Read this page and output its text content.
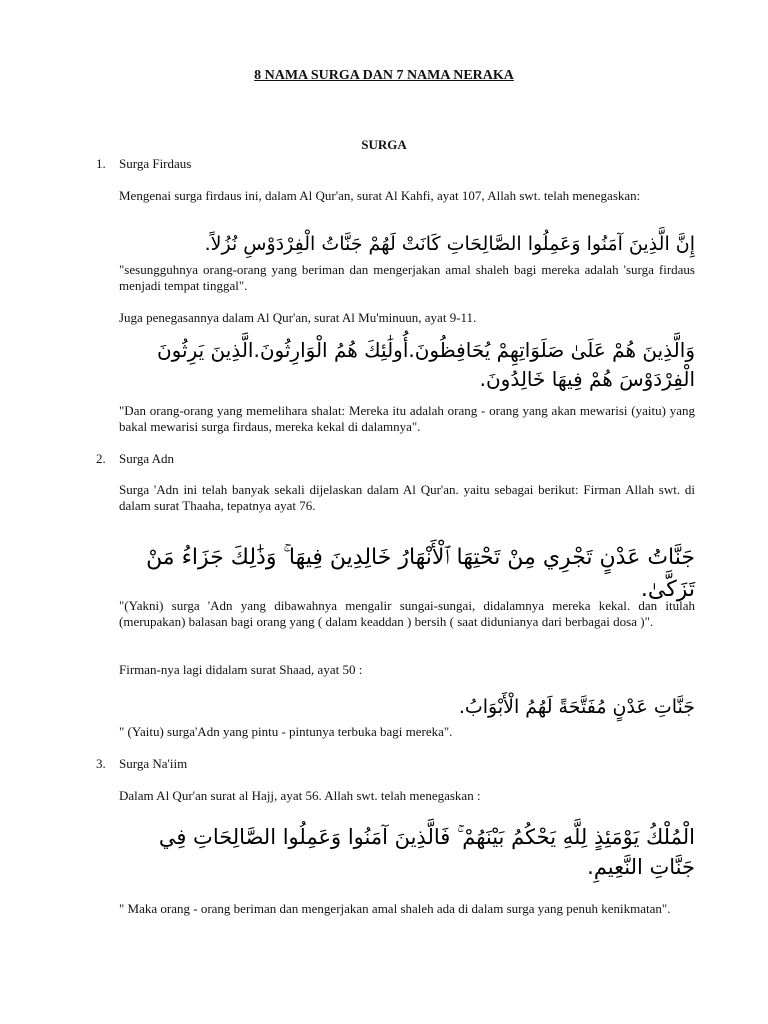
8 NAMA SURGA DAN 7 NAMA NERAKA
SURGA
1. Surga Firdaus
Mengenai surga firdaus ini, dalam Al Qur'an, surat Al Kahfi, ayat 107, Allah swt. telah menegaskan:
إِنَّ الَّذِينَ آمَنُوا وَعَمِلُوا الصَّالِحَاتِ كَانَتْ لَهُمْ جَنَّاتُ الْفِرْدَوْسِ نُزُلاً.
"sesungguhnya orang-orang yang beriman dan mengerjakan amal shaleh bagi mereka adalah 'surga firdaus menjadi tempat tinggal".
Juga penegasannya dalam Al Qur'an, surat Al Mu'minuun, ayat 9-11.
وَالَّذِينَ هُمْ عَلَىٰ صَلَوَاتِهِمْ يُحَافِظُونَ.أُولَٰئِكَ هُمُ الْوَارِثُونَ.الَّذِينَ يَرِثُونَ الْفِرْدَوْسَ هُمْ فِيهَا خَالِدُونَ.
"Dan orang-orang yang memelihara shalat: Mereka itu adalah orang - orang yang akan mewarisi (yaitu) yang bakal mewarisi surga firdaus, mereka kekal di dalamnya".
2. Surga Adn
Surga 'Adn ini telah banyak sekali dijelaskan dalam Al Qur'an. yaitu sebagai berikut: Firman Allah swt. di dalam surat Thaaha, tepatnya ayat 76.
جَنَّاتُ عَدْنٍ تَجْرِي مِنْ تَحْتِهَا ٱلْأَنْهَارُ خَالِدِينَ فِيهَا ۚ وَذَٰلِكَ جَزَاءُ مَنْ تَزَكَّىٰ.
"(Yakni) surga 'Adn yang dibawahnya mengalir sungai-sungai, didalamnya mereka kekal. dan itulah (merupakan) balasan bagi orang yang ( dalam keaddan ) bersih ( saat didunianya dari berbagai dosa )".
Firman-nya lagi didalam surat Shaad, ayat 50 :
جَنَّاتِ عَدْنٍ مُفَتَّحَةً لَهُمُ الْأَبْوَابُ.
" (Yaitu) surga'Adn yang pintu - pintunya terbuka bagi mereka".
3. Surga Na'iim
Dalam Al Qur'an surat al Hajj, ayat 56. Allah swt. telah menegaskan :
الْمُلْكُ يَوْمَئِذٍ لِلَّهِ يَحْكُمُ بَيْنَهُمْ ۚ فَالَّذِينَ آمَنُوا وَعَمِلُوا الصَّالِحَاتِ فِي جَنَّاتِ النَّعِيمِ.
" Maka orang - orang beriman dan mengerjakan amal shaleh ada di dalam surga yang penuh kenikmatan".
